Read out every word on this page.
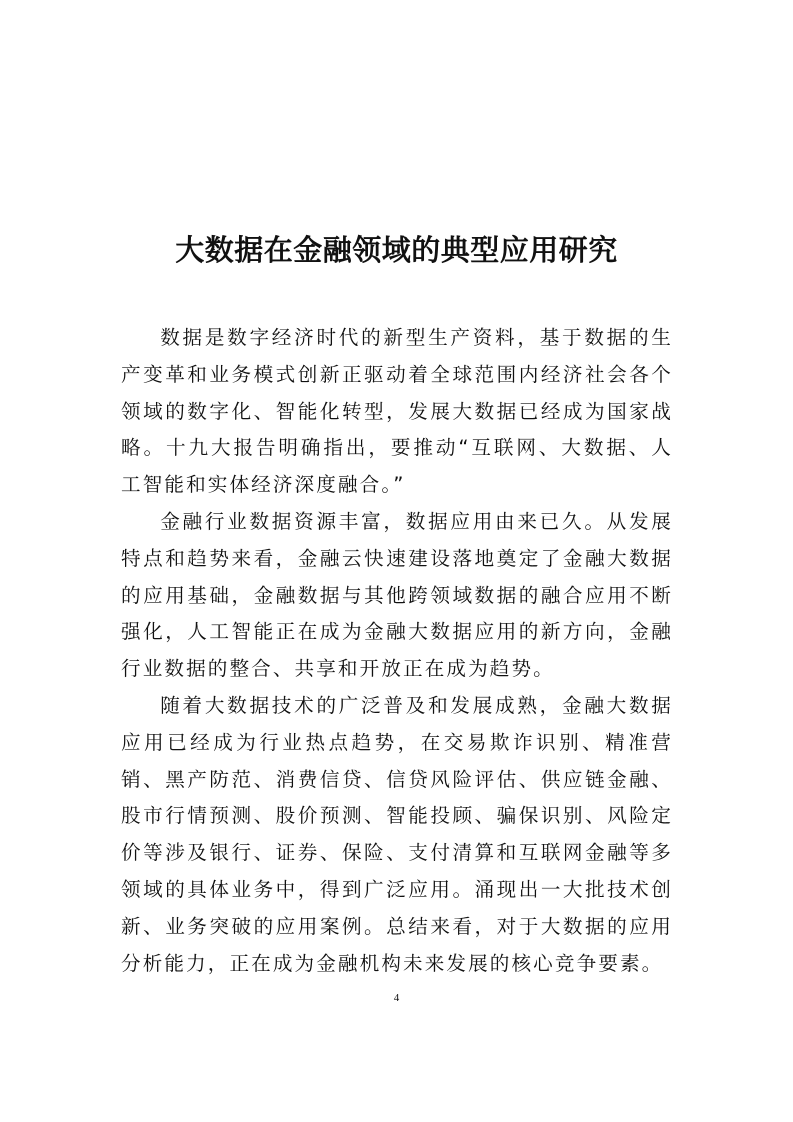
大数据在金融领域的典型应用研究

数据是数字经济时代的新型生产资料，基于数据的生产变革和业务模式创新正驱动着全球范围内经济社会各个领域的数字化、智能化转型，发展大数据已经成为国家战略。十九大报告明确指出，要推动“互联网、大数据、人工智能和实体经济深度融合。”

金融行业数据资源丰富，数据应用由来已久。从发展特点和趋势来看，金融云快速建设落地奠定了金融大数据的应用基础，金融数据与其他跨领域数据的融合应用不断强化，人工智能正在成为金融大数据应用的新方向，金融行业数据的整合、共享和开放正在成为趋势。

随着大数据技术的广泛普及和发展成熟，金融大数据应用已经成为行业热点趋势，在交易欺诈识别、精准营销、黑产防范、消费信贷、信贷风险评估、供应链金融、股市行情预测、股价预测、智能投顾、骗保识别、风险定价等涉及银行、证券、保险、支付清算和互联网金融等多领域的具体业务中，得到广泛应用。涌现出一大批技术创新、业务突破的应用案例。总结来看，对于大数据的应用分析能力，正在成为金融机构未来发展的核心竞争要素。

4
